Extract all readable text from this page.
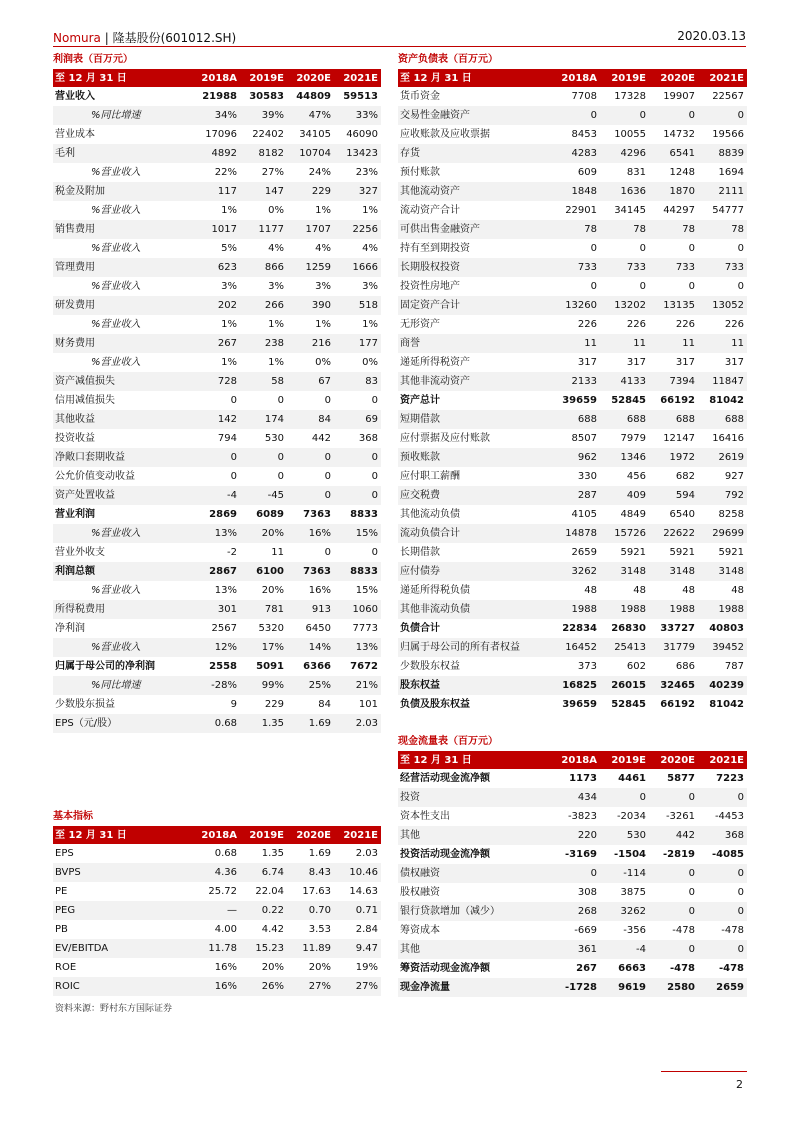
Nomura | 隆基股份(601012.SH)	2020.03.13
利润表（百万元）
至 12 月 31 日	2018A	2019E	2020E	2021E
营业收入	21988	30583	44809	59513
%同比增速	34%	39%	47%	33%
营业成本	17096	22402	34105	46090
毛利	4892	8182	10704	13423
%营业收入	22%	27%	24%	23%
税金及附加	117	147	229	327
%营业收入	1%	0%	1%	1%
销售费用	1017	1177	1707	2256
%营业收入	5%	4%	4%	4%
管理费用	623	866	1259	1666
%营业收入	3%	3%	3%	3%
研发费用	202	266	390	518
%营业收入	1%	1%	1%	1%
财务费用	267	238	216	177
%营业收入	1%	1%	0%	0%
资产减值损失	728	58	67	83
信用减值损失	0	0	0	0
其他收益	142	174	84	69
投资收益	794	530	442	368
净敞口套期收益	0	0	0	0
公允价值变动收益	0	0	0	0
资产处置收益	-4	-45	0	0
营业利润	2869	6089	7363	8833
%营业收入	13%	20%	16%	15%
营业外收支	-2	11	0	0
利润总额	2867	6100	7363	8833
%营业收入	13%	20%	16%	15%
所得税费用	301	781	913	1060
净利润	2567	5320	6450	7773
%营业收入	12%	17%	14%	13%
归属于母公司的净利润	2558	5091	6366	7672
%同比增速	-28%	99%	25%	21%
少数股东损益	9	229	84	101
EPS（元/股）	0.68	1.35	1.69	2.03
资产负债表（百万元）
至 12 月 31 日	2018A	2019E	2020E	2021E
货币资金	7708	17328	19907	22567
交易性金融资产	0	0	0	0
应收账款及应收票据	8453	10055	14732	19566
存货	4283	4296	6541	8839
预付账款	609	831	1248	1694
其他流动资产	1848	1636	1870	2111
流动资产合计	22901	34145	44297	54777
可供出售金融资产	78	78	78	78
持有至到期投资	0	0	0	0
长期股权投资	733	733	733	733
投资性房地产	0	0	0	0
固定资产合计	13260	13202	13135	13052
无形资产	226	226	226	226
商誉	11	11	11	11
递延所得税资产	317	317	317	317
其他非流动资产	2133	4133	7394	11847
资产总计	39659	52845	66192	81042
短期借款	688	688	688	688
应付票据及应付账款	8507	7979	12147	16416
预收账款	962	1346	1972	2619
应付职工薪酬	330	456	682	927
应交税费	287	409	594	792
其他流动负债	4105	4849	6540	8258
流动负债合计	14878	15726	22622	29699
长期借款	2659	5921	5921	5921
应付债券	3262	3148	3148	3148
递延所得税负债	48	48	48	48
其他非流动负债	1988	1988	1988	1988
负债合计	22834	26830	33727	40803
归属于母公司的所有者权益	16452	25413	31779	39452
少数股东权益	373	602	686	787
股东权益	16825	26015	32465	40239
负债及股东权益	39659	52845	66192	81042
基本指标
至 12 月 31 日	2018A	2019E	2020E	2021E
EPS	0.68	1.35	1.69	2.03
BVPS	4.36	6.74	8.43	10.46
PE	25.72	22.04	17.63	14.63
PEG	—	0.22	0.70	0.71
PB	4.00	4.42	3.53	2.84
EV/EBITDA	11.78	15.23	11.89	9.47
ROE	16%	20%	20%	19%
ROIC	16%	26%	27%	27%
现金流量表（百万元）
至 12 月 31 日	2018A	2019E	2020E	2021E
经营活动现金流净额	1173	4461	5877	7223
投资	434	0	0	0
资本性支出	-3823	-2034	-3261	-4453
其他	220	530	442	368
投资活动现金流净额	-3169	-1504	-2819	-4085
债权融资	0	-114	0	0
股权融资	308	3875	0	0
银行贷款增加（减少）	268	3262	0	0
筹资成本	-669	-356	-478	-478
其他	361	-4	0	0
筹资活动现金流净额	267	6663	-478	-478
现金净流量	-1728	9619	2580	2659
资料来源：野村东方国际证券
2
